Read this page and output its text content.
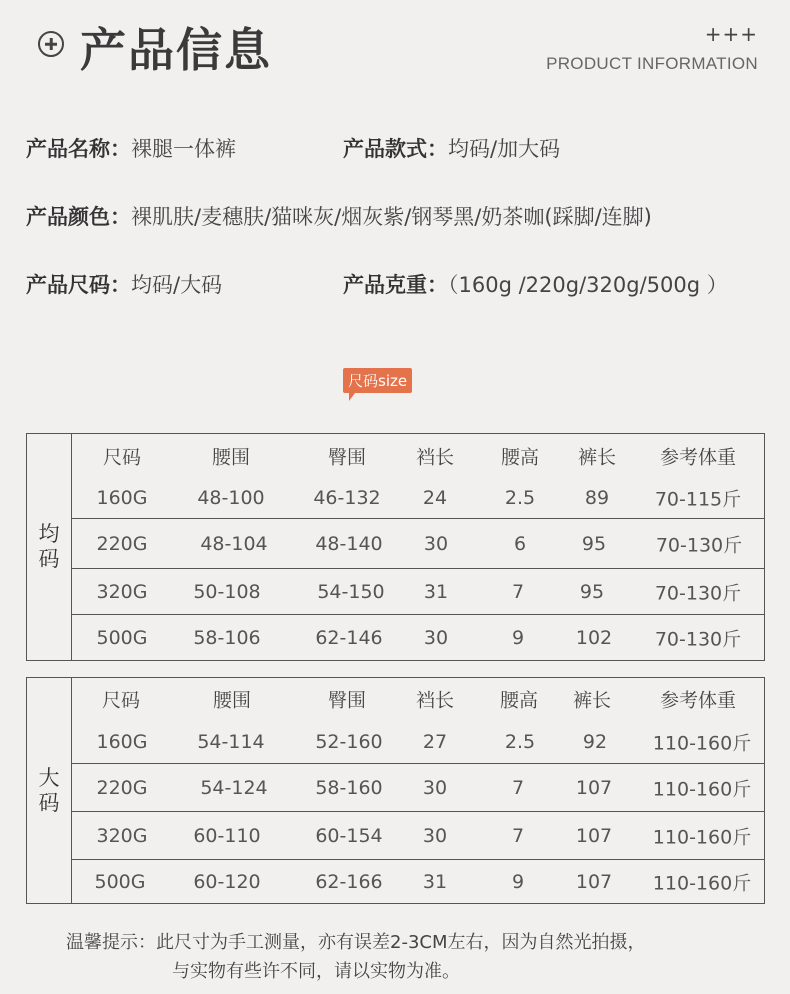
产品信息	+++
PRODUCT INFORMATION
产品名称：裸腿一体裤	产品款式：均码/加大码
产品颜色：裸肌肤/麦穗肤/猫咪灰/烟灰紫/钢琴黑/奶茶咖(踩脚/连脚)
产品尺码：均码/大码	产品克重：（160g /220g/320g/500g ）
尺码size
均
码
尺码	腰围	臀围	裆长 腰高 裤长 参考体重
160G	48-100	46-132 24	2.5	89 70-115斤
220G	48-104	48-140 30	6	95	70-130斤
320G 50-108	54-150 31	7	95	70-130斤
500G 58-106	62-146 30	9	102 70-130斤
大
码
尺码	腰围	臀围	裆长 腰高 裤长	参考体重
160G	54-114	52-160 27	2.5	92 110-160斤
220G	54-124	58-160 30	7	107 110-160斤
320G 60-110	60-154 30	7	107 110-160斤
500G	60-120	62-166 31	9	107 110-160斤
温馨提示：此尺寸为手工测量，亦有误差2-3CM左右，因为自然光拍摄，
与实物有些许不同，请以实物为准。
